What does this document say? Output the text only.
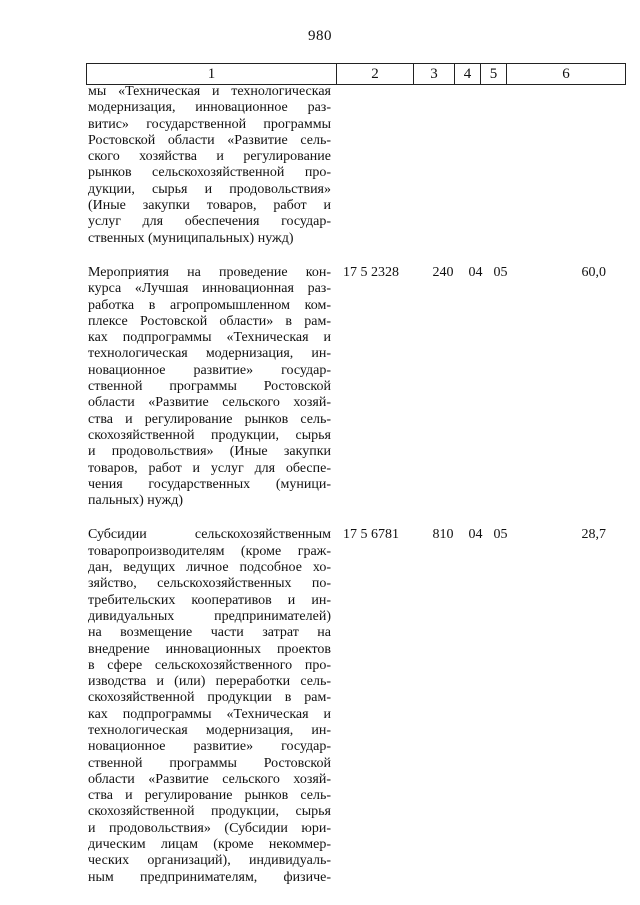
980
1	2	3	4	5	6
мы «Техническая и технологическая
модернизация, инновационное раз-
витис» государственной программы
Ростовской области «Развитие сель-
ского хозяйства и регулирование
рынков сельскохозяйственной про-
дукции, сырья и продовольствия»
(Иные закупки товаров, работ и
услуг для обеспечения государ-
ственных (муниципальных) нужд)
Мероприятия на проведение кон-
курса «Лучшая инновационная раз-
работка в агропромышленном ком-
плексе Ростовской области» в рам-
ках подпрограммы «Техническая и
технологическая модернизация, ин-
новационное развитие» государ-
ственной программы Ростовской
области «Развитие сельского хозяй-
ства и регулирование рынков сель-
скохозяйственной продукции, сырья
и продовольствия» (Иные закупки
товаров, работ и услуг для обеспе-
чения государственных (муници-
пальных) нужд)
17 5 2328	240	04 05	60,0
Субсидии сельскохозяйственным
товаропроизводителям (кроме граж-
дан, ведущих личное подсобное хо-
зяйство, сельскохозяйственных по-
требительских кооперативов и ин-
дивидуальных предпринимателей)
на возмещение части затрат на
внедрение инновационных проектов
в сфере сельскохозяйственного про-
изводства и (или) переработки сель-
скохозяйственной продукции в рам-
ках подпрограммы «Техническая и
технологическая модернизация, ин-
новационное развитие» государ-
ственной программы Ростовской
области «Развитие сельского хозяй-
ства и регулирование рынков сель-
скохозяйственной продукции, сырья
и продовольствия» (Субсидии юри-
дическим лицам (кроме некоммер-
ческих организаций), индивидуаль-
ным предпринимателям, физиче-
17 5 6781	810	04 05	28,7
